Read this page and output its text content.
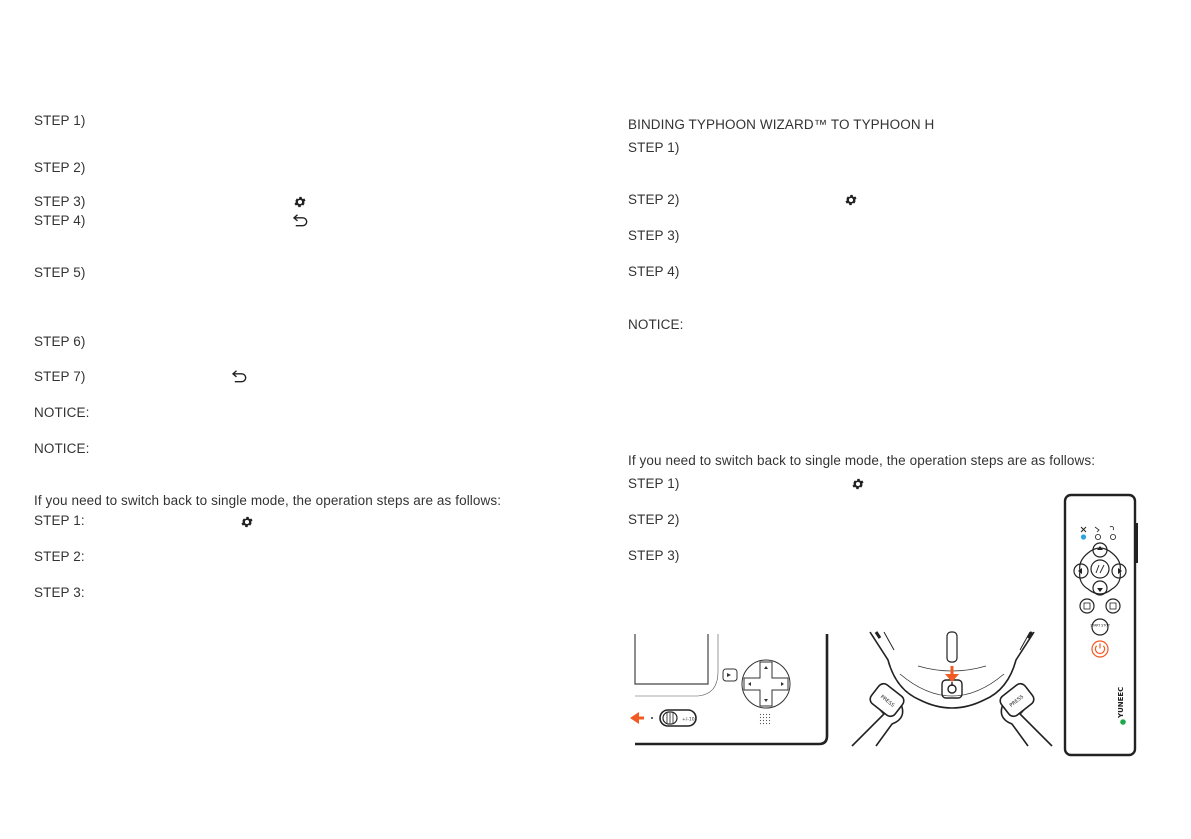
STEP 1)
STEP 2)
STEP 3)
STEP 4)
STEP 5)
STEP 6)
STEP 7)
NOTICE:
NOTICE:
If you need to switch back to single mode, the operation steps are as follows:
STEP 1:
STEP 2:
STEP 3:
BINDING TYPHOON WIZARD™ TO TYPHOON H
STEP 1)
STEP 2)
STEP 3)
STEP 4)
NOTICE:
If you need to switch back to single mode, the operation steps are as follows:
STEP 1)
STEP 2)
STEP 3)
+/-10
PRESS	PRESS
START STOP
YUNEEC
